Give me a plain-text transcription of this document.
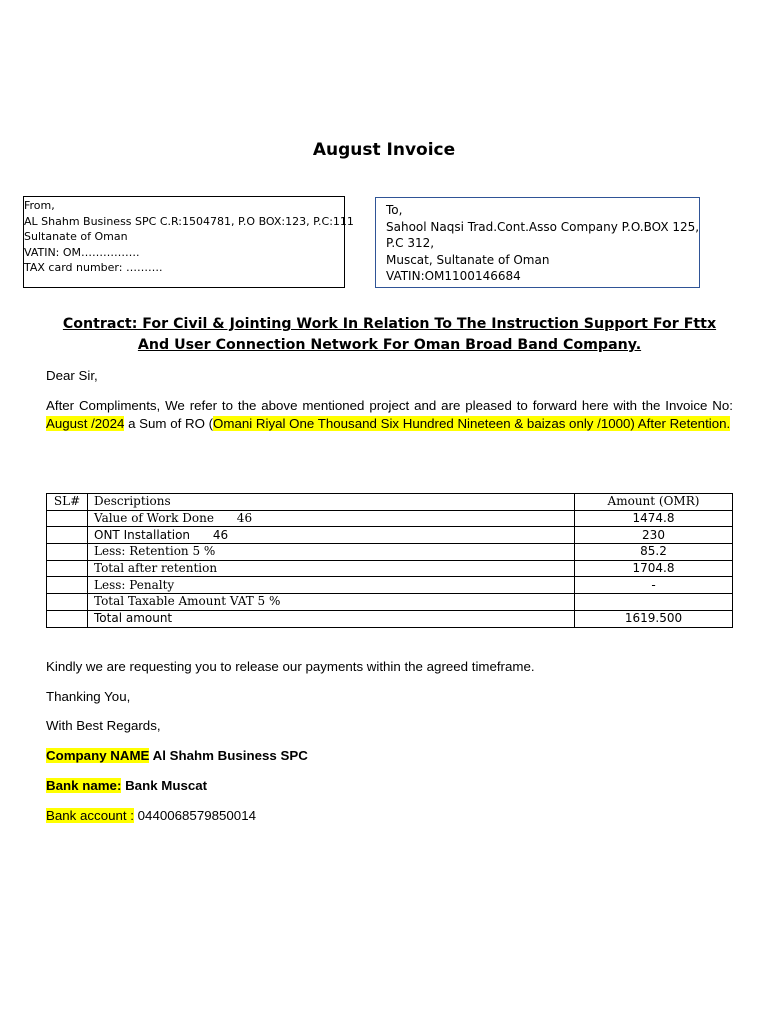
August Invoice
From,
AL Shahm Business SPC C.R:1504781, P.O BOX:123, P.C:111
Sultanate of Oman
VATIN: OM…………….
TAX card number: ……….
To,
Sahool Naqsi Trad.Cont.Asso Company P.O.BOX 125,
P.C 312,
Muscat, Sultanate of Oman
VATIN:OM1100146684
Contract: For Civil & Jointing Work In Relation To The Instruction Support For Fttx And User Connection Network For Oman Broad Band Company.
Dear Sir,
After Compliments, We refer to the above mentioned project and are pleased to forward here with the Invoice No: August /2024 a Sum of RO (Omani Riyal One Thousand Six Hundred Nineteen & baizas only /1000) After Retention.
SL#	Descriptions	Amount (OMR)
	Value of Work Done      46	1474.8
	ONT Installation      46	230
	Less: Retention 5 %	85.2
	Total after retention	1704.8
	Less: Penalty	-
	Total Taxable Amount VAT 5 %	
	Total amount	1619.500
Kindly we are requesting you to release our payments within the agreed timeframe.
Thanking You,
With Best Regards,
Company NAME Al Shahm Business SPC
Bank name: Bank Muscat
Bank account : 0440068579850014
